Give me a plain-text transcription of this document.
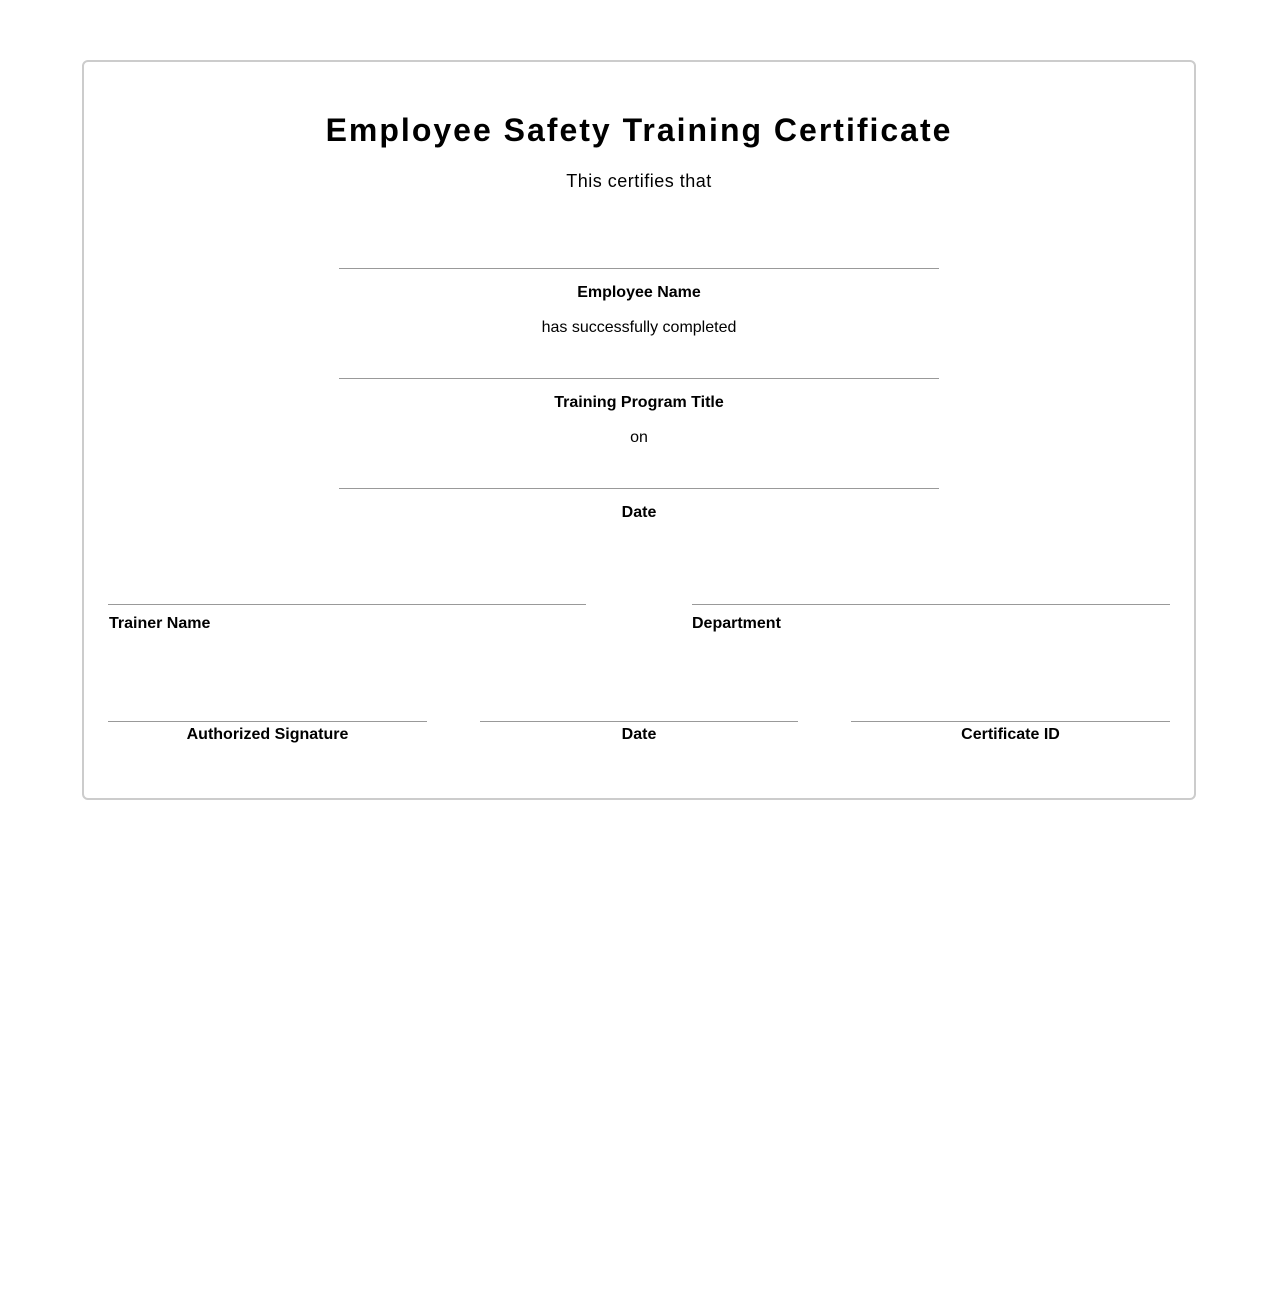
Employee Safety Training Certificate
This certifies that
Employee Name
has successfully completed
Training Program Title
on
Date
Trainer Name	Department
Authorized Signature	Date	Certificate ID
